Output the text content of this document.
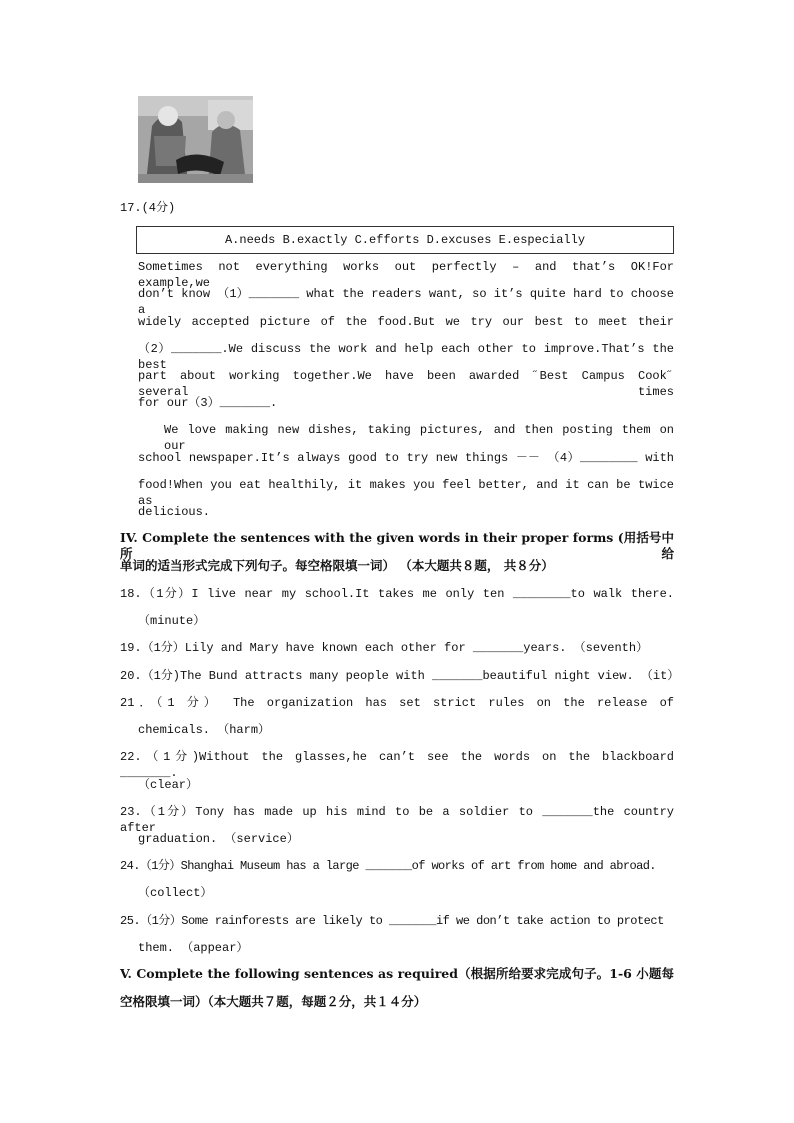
17.(4分)
A.needs B.exactly C.efforts D.excuses E.especially
Sometimes not everything works out perfectly – and that’s OK!For example,we
don’t know （1）_______ what the readers want, so it’s quite hard to choose a
widely accepted picture of the food.But we try our best to meet their
（2）_______.We discuss the work and help each other to improve.That’s the best
part about working together.We have been awarded ˝Best Campus Cook˝ several times
for our（3）_______.
We love making new dishes, taking pictures, and then posting them on our
school newspaper.It’s always good to try new things －－ （4）________ with
food!When you eat healthily, it makes you feel better, and it can be twice as
delicious.
IV. Complete the sentences with the given words in their proper forms (用括号中所给
单词的适当形式完成下列句子。每空格限填一词） （本大题共８题， 共８分）
18.（1分）I live near my school.It takes me only ten ________to walk there.
（minute）
19.（1分）Lily and Mary have known each other for _______years. （seventh）
20.（1分)The Bund attracts many people with _______beautiful night view. （it）
21．（1 分） The organization has set strict rules on the release of
chemicals. （harm）
22.（1分)Without the glasses,he can’t see the words on the blackboard _______.
（clear）
23.（1分）Tony has made up his mind to be a soldier to _______the country after
graduation. （service）
24.（1分）Shanghai Museum has a large _______of works of art from home and abroad.
（collect）
25.（1分）Some rainforests are likely to _______if we don’t take action to protect
them. （appear）
V. Complete the following sentences as required（根据所给要求完成句子。1-6 小题每
空格限填一词）（本大题共７题，每题２分，共１４分）
